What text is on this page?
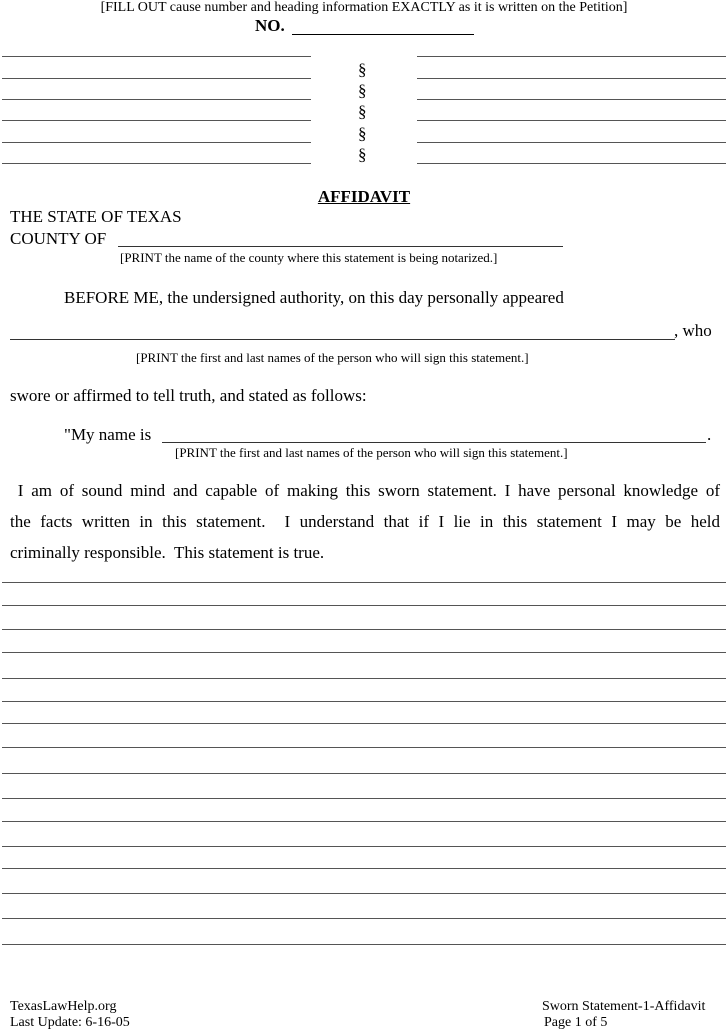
[FILL OUT cause number and heading information EXACTLY as it is written on the Petition]
NO.
§
§
§
§
§
AFFIDAVIT
THE STATE OF TEXAS
COUNTY OF
[PRINT the name of the county where this statement is being notarized.]
BEFORE ME, the undersigned authority, on this day personally appeared
, who
[PRINT the first and last names of the person who will sign this statement.]
swore or affirmed to tell truth, and stated as follows:
"My name is	.
[PRINT the first and last names of the person who will sign this statement.]
I am of sound mind and capable of making this sworn statement. I have personal knowledge of
the facts written in this statement.  I understand that if I lie in this statement I may be held
criminally responsible.  This statement is true.
TexasLawHelp.org
Last Update: 6-16-05
Sworn Statement-1-Affidavit
Page 1 of 5
